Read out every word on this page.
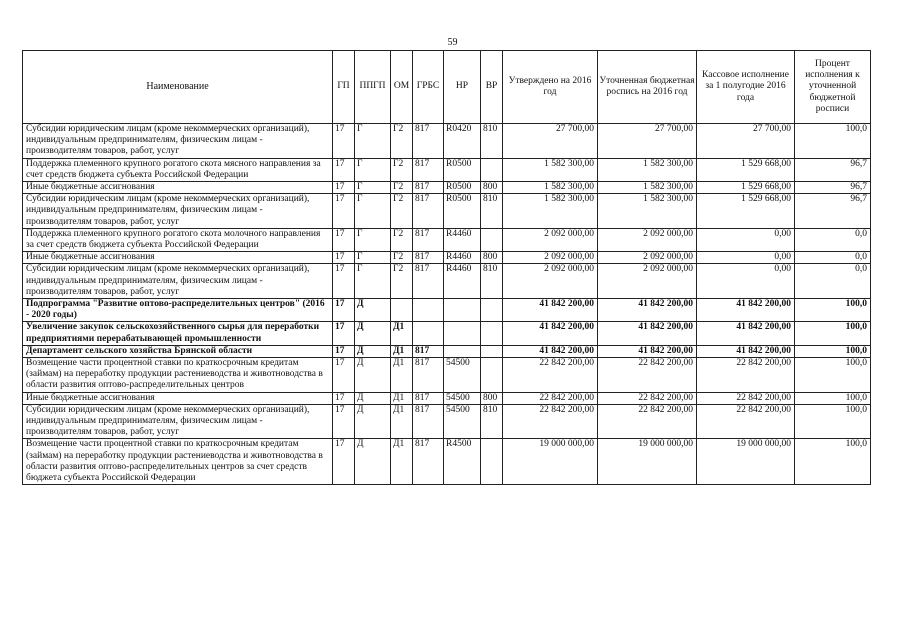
59
Наименование	ГП	ППГП	ОМ	ГРБС	НР	ВР	Утверждено на 2016 год	Уточненная бюджетная роспись на 2016 год	Кассовое исполнение за 1 полугодие 2016 года	Процент исполнения к уточненной бюджетной росписи
Субсидии юридическим лицам (кроме некоммерческих организаций), индивидуальным предпринимателям, физическим лицам - производителям товаров, работ, услуг	17	Г	Г2	817	R0420	810	27 700,00	27 700,00	27 700,00	100,0
Поддержка племенного крупного рогатого скота мясного направления за счет средств бюджета субъекта Российской Федерации	17	Г	Г2	817	R0500		1 582 300,00	1 582 300,00	1 529 668,00	96,7
Иные бюджетные ассигнования	17	Г	Г2	817	R0500	800	1 582 300,00	1 582 300,00	1 529 668,00	96,7
Субсидии юридическим лицам (кроме некоммерческих организаций), индивидуальным предпринимателям, физическим лицам - производителям товаров, работ, услуг	17	Г	Г2	817	R0500	810	1 582 300,00	1 582 300,00	1 529 668,00	96,7
Поддержка племенного крупного рогатого скота молочного направления за счет средств бюджета субъекта Российской Федерации	17	Г	Г2	817	R4460		2 092 000,00	2 092 000,00	0,00	0,0
Иные бюджетные ассигнования	17	Г	Г2	817	R4460	800	2 092 000,00	2 092 000,00	0,00	0,0
Субсидии юридическим лицам (кроме некоммерческих организаций), индивидуальным предпринимателям, физическим лицам - производителям товаров, работ, услуг	17	Г	Г2	817	R4460	810	2 092 000,00	2 092 000,00	0,00	0,0
Подпрограмма "Развитие оптово-распределительных центров" (2016 - 2020 годы)	17	Д					41 842 200,00	41 842 200,00	41 842 200,00	100,0
Увеличение закупок сельскохозяйственного сырья для переработки предприятиями перерабатывающей промышленности	17	Д	Д1				41 842 200,00	41 842 200,00	41 842 200,00	100,0
Департамент сельского хозяйства Брянской области	17	Д	Д1	817			41 842 200,00	41 842 200,00	41 842 200,00	100,0
Возмещение части процентной ставки по краткосрочным кредитам (займам) на переработку продукции растениеводства и животноводства в области развития оптово-распределительных центров	17	Д	Д1	817	54500		22 842 200,00	22 842 200,00	22 842 200,00	100,0
Иные бюджетные ассигнования	17	Д	Д1	817	54500	800	22 842 200,00	22 842 200,00	22 842 200,00	100,0
Субсидии юридическим лицам (кроме некоммерческих организаций), индивидуальным предпринимателям, физическим лицам - производителям товаров, работ, услуг	17	Д	Д1	817	54500	810	22 842 200,00	22 842 200,00	22 842 200,00	100,0
Возмещение части процентной ставки по краткосрочным кредитам (займам) на переработку продукции растениеводства и животноводства в области развития оптово-распределительных центров за счет средств бюджета субъекта Российской Федерации	17	Д	Д1	817	R4500		19 000 000,00	19 000 000,00	19 000 000,00	100,0
